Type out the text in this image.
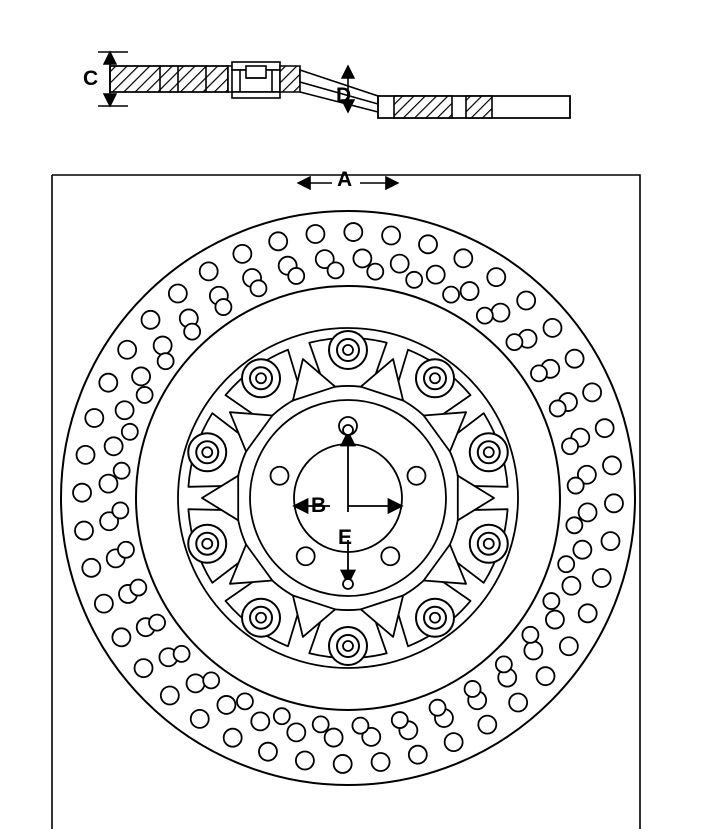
A
B
C
D
E
